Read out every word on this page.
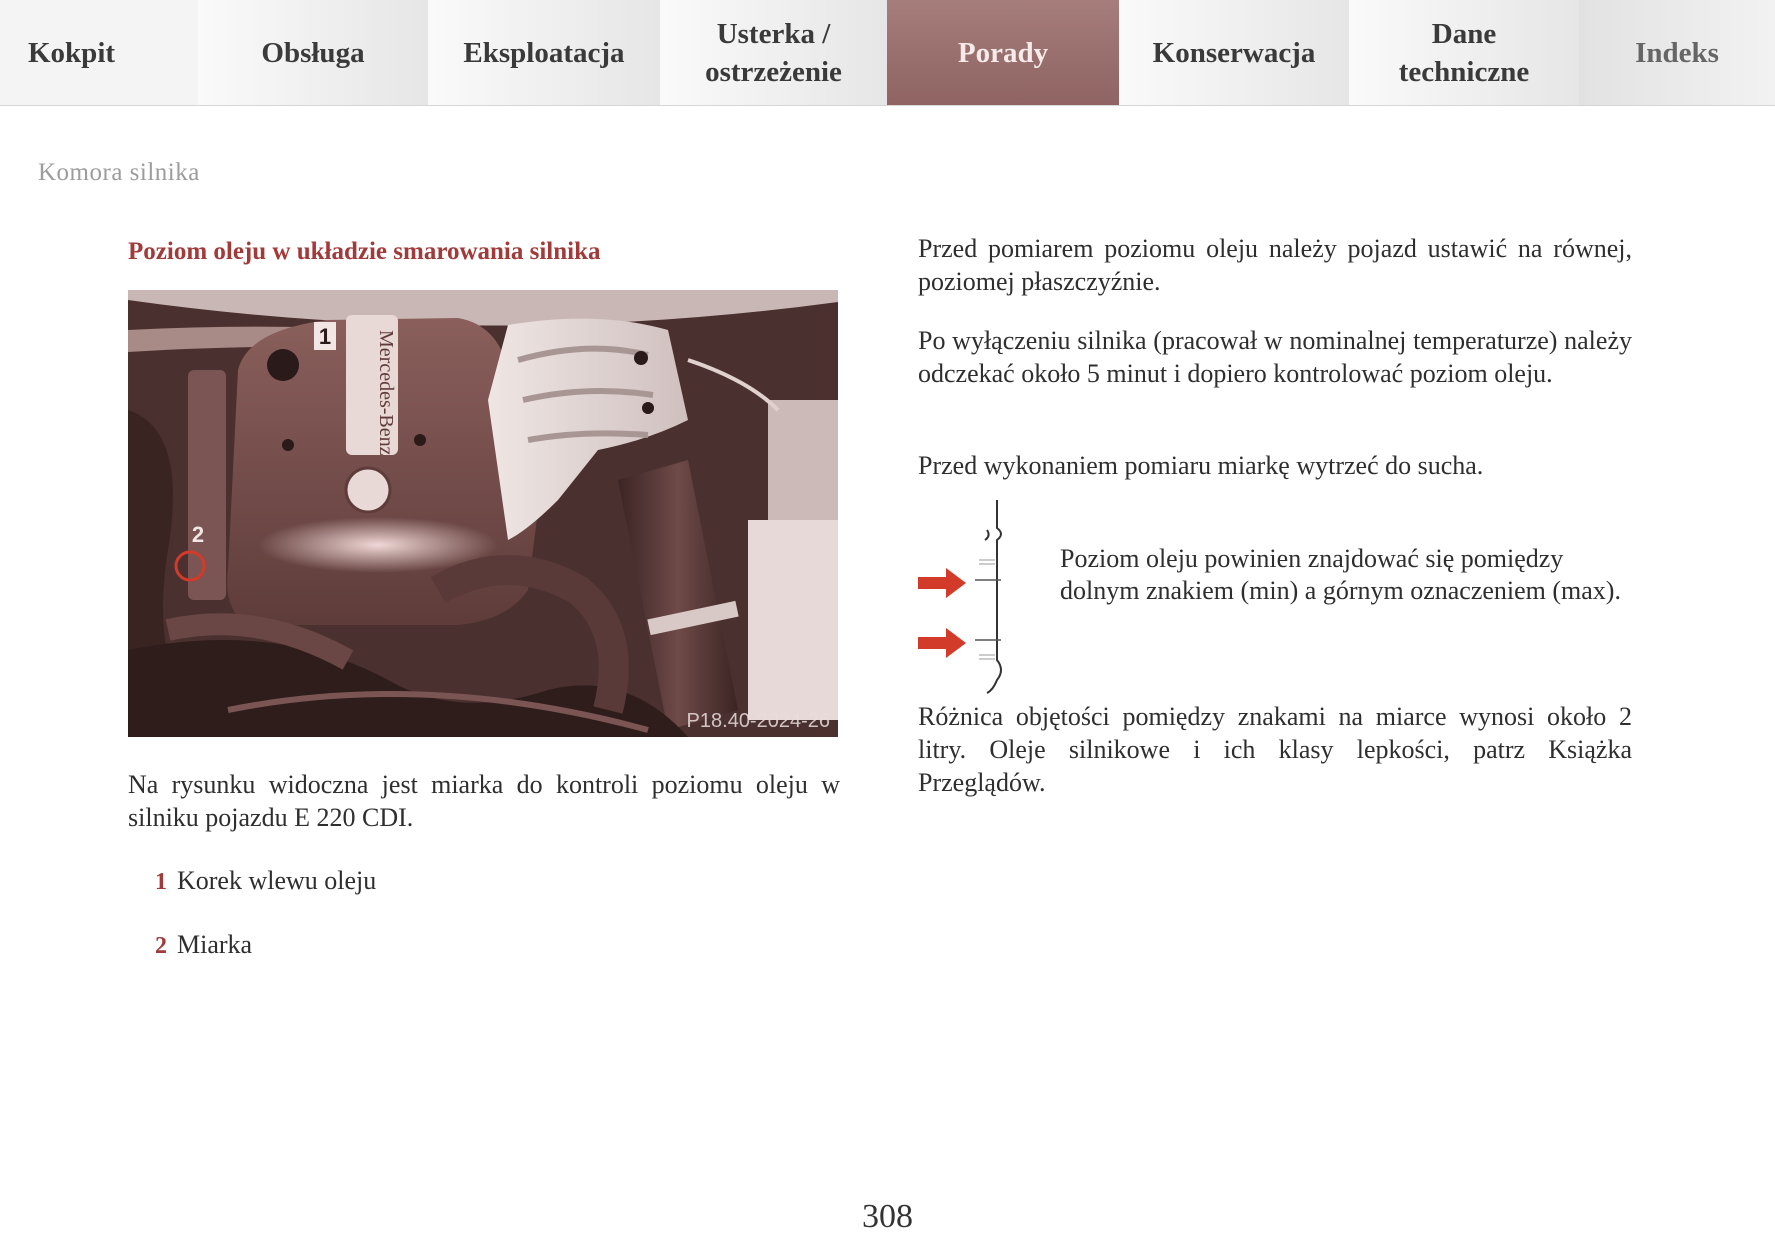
Kokpit	Obsługa	Eksploatacja
Usterka /
ostrzeżenie
Porady	Konserwacja
Dane
techniczne
Indeks
Komora silnika
Poziom oleju w układzie smarowania silnika
1
2
Mercedes-Benz
P18.40-2024-26
Na rysunku widoczna jest miarka do kontroli poziomu oleju w silniku pojazdu E 220 CDI.
1 Korek wlewu oleju
2 Miarka
Przed pomiarem poziomu oleju należy pojazd ustawić na równej, poziomej płaszczyźnie.
Po wyłączeniu silnika (pracował w nominalnej temperaturze) należy odczekać około 5 minut i dopiero kontrolować poziom oleju.
Przed wykonaniem pomiaru miarkę wytrzeć do sucha.
Poziom oleju powinien znajdować się pomiędzy dolnym znakiem (min) a górnym oznaczeniem (max).
Różnica objętości pomiędzy znakami na miarce wynosi około 2 litry. Oleje silnikowe i ich klasy lepkości, patrz Książka Przeglądów.
308
